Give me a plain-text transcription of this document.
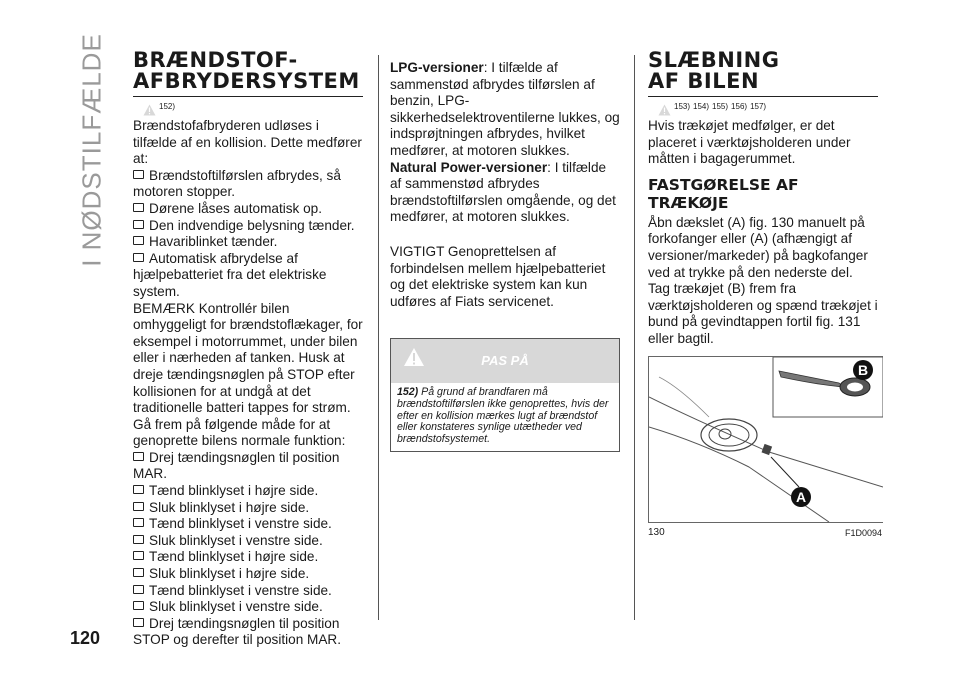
I NØDSTILFÆLDE BRÆNDSTOF-AFBRYDERSYSTEM
152)

Brændstofafbryderen udløses i tilfælde af en kollision. Dette medfører at:

Brændstoftilførslen afbrydes, så motoren stopper.
Dørene låses automatisk op.
Den indvendige belysning tænder.
Havariblinket tænder.
Automatisk afbrydelse af hjælpebatteriet fra det elektriske system.

BEMÆRK Kontrollér bilen omhyggeligt for brændstoflækager, for eksempel i motorrummet, under bilen eller i nærheden af tanken. Husk at dreje tændingsnøglen på STOP efter kollisionen for at undgå at det traditionelle batteri tappes for strøm.

Gå frem på følgende måde for at genoprette bilens normale funktion:

Drej tændingsnøglen til position MAR.
Tænd blinklyset i højre side.
Sluk blinklyset i højre side.
Tænd blinklyset i venstre side.
Sluk blinklyset i venstre side.
Tænd blinklyset i højre side.
Sluk blinklyset i højre side.
Tænd blinklyset i venstre side.
Sluk blinklyset i venstre side.
Drej tændingsnøglen til position STOP og derefter til position MAR.

LPG-versioner: I tilfælde af sammenstød afbrydes tilførslen af benzin, LPG-sikkerhedselektroventilerne lukkes, og indsprøjtningen afbrydes, hvilket medfører, at motoren slukkes.

Natural Power-versioner: I tilfælde af sammenstød afbrydes brændstoftilførslen omgående, og det medfører, at motoren slukkes.

VIGTIGT Genoprettelsen af forbindelsen mellem hjælpebatteriet og det elektriske system kan kun udføres af Fiats servicenet.

PAS PÅ
152) På grund af brandfaren må brændstoftilførslen ikke genoprettes, hvis der efter en kollision mærkes lugt af brændstof eller konstateres synlige utætheder ved brændstofsystemet.
SLÆBNING AF BILEN
153) 154) 155) 156) 157)

Hvis trækøjet medfølger, er det placeret i værktøjsholderen under måtten i bagagerummet.

FASTGØRELSE AF TRÆKØJE

Åbn dækslet (A) fig. 130 manuelt på forkofanger eller (A) (afhængigt af versioner/markeder) på bagkofanger ved at trykke på den nederste del. Tag trækøjet (B) frem fra værktøjsholderen og spænd trækøjet i bund på gevindtappen fortil fig. 131 eller bagtil.

B
A
130	F1D0094
120
